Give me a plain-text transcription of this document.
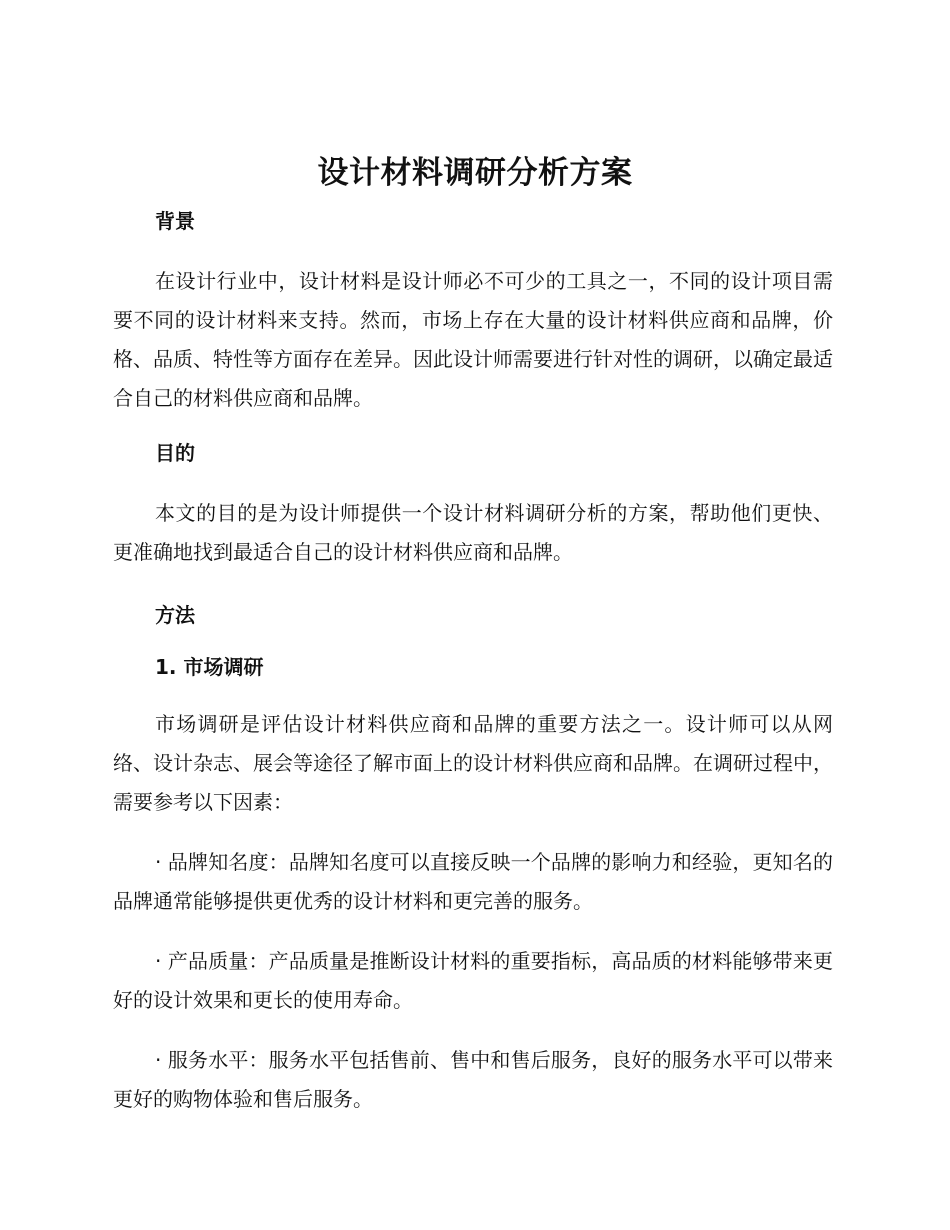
设计材料调研分析方案
背景

在设计行业中，设计材料是设计师必不可少的工具之一，不同的设计项目需要不同的设计材料来支持。然而，市场上存在大量的设计材料供应商和品牌，价格、品质、特性等方面存在差异。因此设计师需要进行针对性的调研，以确定最适合自己的材料供应商和品牌。

目的

本文的目的是为设计师提供一个设计材料调研分析的方案，帮助他们更快、更准确地找到最适合自己的设计材料供应商和品牌。

方法
1. 市场调研

市场调研是评估设计材料供应商和品牌的重要方法之一。设计师可以从网络、设计杂志、展会等途径了解市面上的设计材料供应商和品牌。在调研过程中，需要参考以下因素：

· 品牌知名度：品牌知名度可以直接反映一个品牌的影响力和经验，更知名的品牌通常能够提供更优秀的设计材料和更完善的服务。

· 产品质量：产品质量是推断设计材料的重要指标，高品质的材料能够带来更好的设计效果和更长的使用寿命。

· 服务水平：服务水平包括售前、售中和售后服务，良好的服务水平可以带来更好的购物体验和售后服务。
